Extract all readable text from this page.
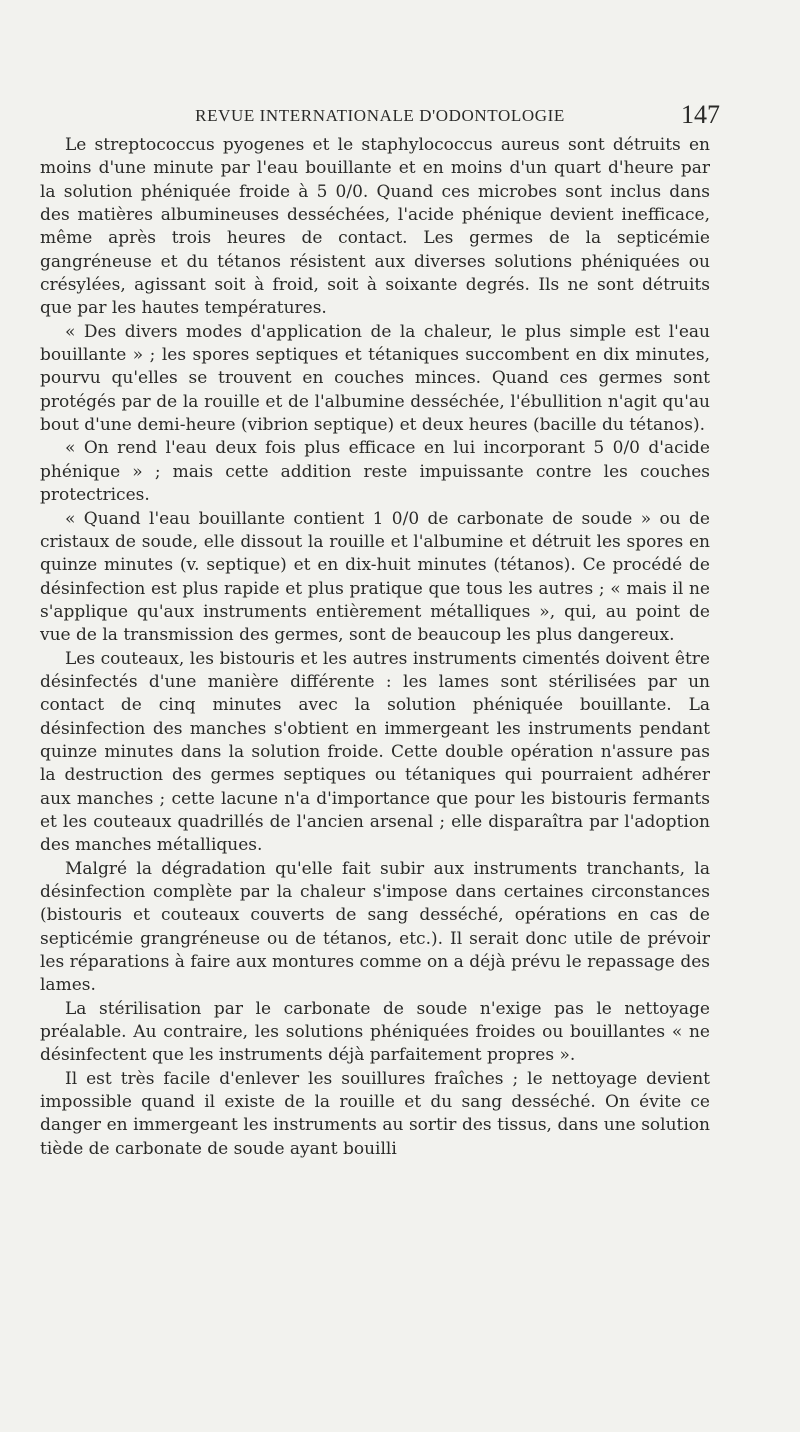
REVUE INTERNATIONALE D'ODONTOLOGIE	147

Le streptococcus pyogenes et le staphylococcus aureus sont détruits en moins d'une minute par l'eau bouillante et en moins d'un quart d'heure par la solution phéniquée froide à 5 0/0. Quand ces microbes sont inclus dans des matières albumineuses desséchées, l'acide phénique devient inefficace, même après trois heures de contact. Les germes de la septicémie gangréneuse et du tétanos résistent aux diverses solutions phéniquées ou crésylées, agissant soit à froid, soit à soixante degrés. Ils ne sont détruits que par les hautes températures.

« Des divers modes d'application de la chaleur, le plus simple est l'eau bouillante » ; les spores septiques et tétaniques succombent en dix minutes, pourvu qu'elles se trouvent en couches minces. Quand ces germes sont protégés par de la rouille et de l'albumine desséchée, l'ébullition n'agit qu'au bout d'une demi-heure (vibrion septique) et deux heures (bacille du tétanos).

« On rend l'eau deux fois plus efficace en lui incorporant 5 0/0 d'acide phénique » ; mais cette addition reste impuissante contre les couches protectrices.

« Quand l'eau bouillante contient 1 0/0 de carbonate de soude » ou de cristaux de soude, elle dissout la rouille et l'albumine et détruit les spores en quinze minutes (v. septique) et en dix-huit minutes (tétanos). Ce procédé de désinfection est plus rapide et plus pratique que tous les autres ; « mais il ne s'applique qu'aux instruments entièrement métalliques », qui, au point de vue de la transmission des germes, sont de beaucoup les plus dangereux.

Les couteaux, les bistouris et les autres instruments cimentés doivent être désinfectés d'une manière différente : les lames sont stérilisées par un contact de cinq minutes avec la solution phéniquée bouillante. La désinfection des manches s'obtient en immergeant les instruments pendant quinze minutes dans la solution froide. Cette double opération n'assure pas la destruction des germes septiques ou tétaniques qui pourraient adhérer aux manches ; cette lacune n'a d'importance que pour les bistouris fermants et les couteaux quadrillés de l'ancien arsenal ; elle disparaîtra par l'adoption des manches métalliques.

Malgré la dégradation qu'elle fait subir aux instruments tranchants, la désinfection complète par la chaleur s'impose dans certaines circonstances (bistouris et couteaux couverts de sang desséché, opérations en cas de septicémie grangréneuse ou de tétanos, etc.). Il serait donc utile de prévoir les réparations à faire aux montures comme on a déjà prévu le repassage des lames.

La stérilisation par le carbonate de soude n'exige pas le nettoyage préalable. Au contraire, les solutions phéniquées froides ou bouillantes « ne désinfectent que les instruments déjà parfaitement propres ».

Il est très facile d'enlever les souillures fraîches ; le nettoyage devient impossible quand il existe de la rouille et du sang desséché. On évite ce danger en immergeant les instruments au sortir des tissus, dans une solution tiède de carbonate de soude ayant bouilli
